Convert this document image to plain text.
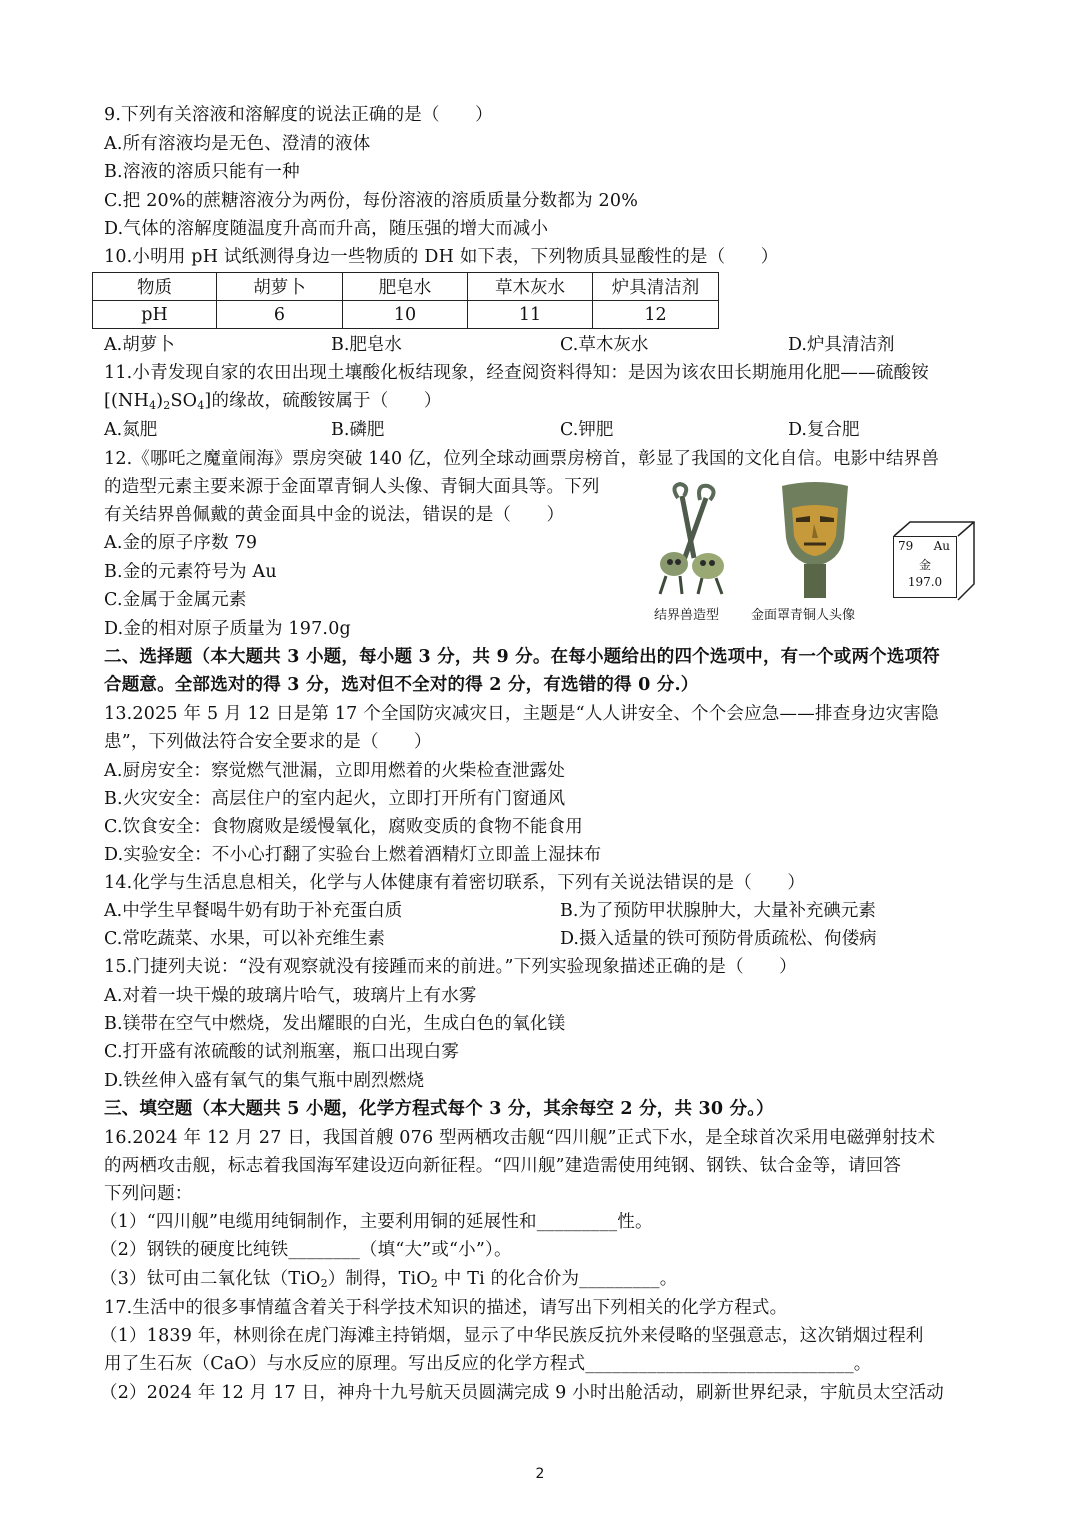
9.下列有关溶液和溶解度的说法正确的是（　　）
A.所有溶液均是无色、澄清的液体
B.溶液的溶质只能有一种
C.把 20%的蔗糖溶液分为两份，每份溶液的溶质质量分数都为 20%
D.气体的溶解度随温度升高而升高，随压强的增大而减小
10.小明用 pH 试纸测得身边一些物质的 DH 如下表，下列物质具显酸性的是（　　）
物质	胡萝卜	肥皂水	草木灰水	炉具清洁剂
pH	6	10	11	12
A.胡萝卜	B.肥皂水	C.草木灰水	D.炉具清洁剂
11.小青发现自家的农田出现土壤酸化板结现象，经查阅资料得知：是因为该农田长期施用化肥——硫酸铵
$[(NH_4)_2SO_4]$的缘故，硫酸铵属于（　　）
A.氮肥	B.磷肥	C.钾肥	D.复合肥
12.《哪吒之魔童闹海》票房突破 140 亿，位列全球动画票房榜首，彰显了我国的文化自信。电影中结界兽
的造型元素主要来源于金面罩青铜人头像、青铜大面具等。下列
有关结界兽佩戴的黄金面具中金的说法，错误的是（　　）
A.金的原子序数 79
B.金的元素符号为 Au
C.金属于金属元素
D.金的相对原子质量为 197.0g
结界兽造型 金面罩青铜人头像
79 Au
金
197.0
二、选择题（本大题共 3 小题，每小题 3 分，共 9 分。在每小题给出的四个选项中，有一个或两个选项符
合题意。全部选对的得 3 分，选对但不全对的得 2 分，有选错的得 0 分.）
13.2025 年 5 月 12 日是第 17 个全国防灾减灾日，主题是“人人讲安全、个个会应急——排查身边灾害隐
患”，下列做法符合安全要求的是（　　）
A.厨房安全：察觉燃气泄漏，立即用燃着的火柴检查泄露处
B.火灾安全：高层住户的室内起火，立即打开所有门窗通风
C.饮食安全：食物腐败是缓慢氧化，腐败变质的食物不能食用
D.实验安全：不小心打翻了实验台上燃着酒精灯立即盖上湿抹布
14.化学与生活息息相关，化学与人体健康有着密切联系，下列有关说法错误的是（　　）
A.中学生早餐喝牛奶有助于补充蛋白质	B.为了预防甲状腺肿大，大量补充碘元素
C.常吃蔬菜、水果，可以补充维生素	D.摄入适量的铁可预防骨质疏松、佝偻病
15.门捷列夫说：“没有观察就没有接踵而来的前进。”下列实验现象描述正确的是（　　）
A.对着一块干燥的玻璃片哈气，玻璃片上有水雾
B.镁带在空气中燃烧，发出耀眼的白光，生成白色的氧化镁
C.打开盛有浓硫酸的试剂瓶塞，瓶口出现白雾
D.铁丝伸入盛有氧气的集气瓶中剧烈燃烧
三、填空题（本大题共 5 小题，化学方程式每个 3 分，其余每空 2 分，共 30 分。）
16.2024 年 12 月 27 日，我国首艘 076 型两栖攻击舰“四川舰”正式下水，是全球首次采用电磁弹射技术
的两栖攻击舰，标志着我国海军建设迈向新征程。“四川舰”建造需使用纯钢、钢铁、钛合金等，请回答
下列问题：
（1）“四川舰”电缆用纯铜制作，主要利用铜的延展性和_________性。
（2）钢铁的硬度比纯铁________（填“大”或“小”）。
（3）钛可由二氧化钛（TiO$_2$）制得，TiO$_2$ 中 Ti 的化合价为_________。
17.生活中的很多事情蕴含着关于科学技术知识的描述，请写出下列相关的化学方程式。
（1）1839 年，林则徐在虎门海滩主持销烟，显示了中华民族反抗外来侵略的坚强意志，这次销烟过程利
用了生石灰（CaO）与水反应的原理。写出反应的化学方程式______________________________。
（2）2024 年 12 月 17 日，神舟十九号航天员圆满完成 9 小时出舱活动，刷新世界纪录，宇航员太空活动
2
